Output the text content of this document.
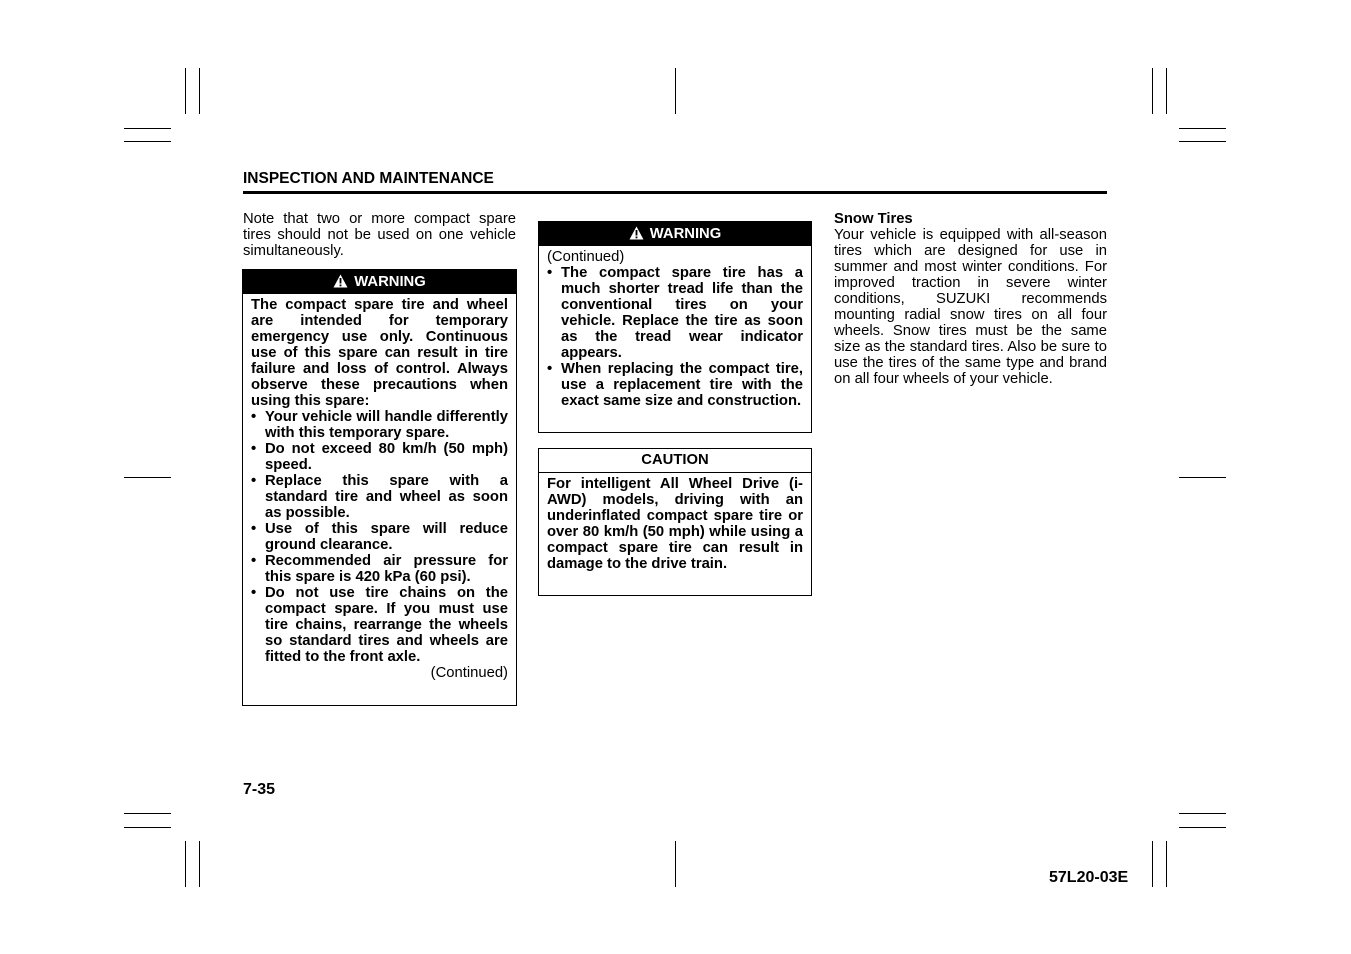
INSPECTION AND MAINTENANCE
Note that two or more compact spare tires should not be used on one vehicle simultaneously.
WARNING
The compact spare tire and wheel are intended for temporary emergency use only. Continuous use of this spare can result in tire failure and loss of control. Always observe these precautions when using this spare:
• Your vehicle will handle differently with this temporary spare.
• Do not exceed 80 km/h (50 mph) speed.
• Replace this spare with a standard tire and wheel as soon as possible.
• Use of this spare will reduce ground clearance.
• Recommended air pressure for this spare is 420 kPa (60 psi).
• Do not use tire chains on the compact spare. If you must use tire chains, rearrange the wheels so standard tires and wheels are fitted to the front axle.
(Continued)
WARNING
(Continued)
• The compact spare tire has a much shorter tread life than the conventional tires on your vehicle. Replace the tire as soon as the tread wear indicator appears.
• When replacing the compact tire, use a replacement tire with the exact same size and construction.
CAUTION
For intelligent All Wheel Drive (i-AWD) models, driving with an underinflated compact spare tire or over 80 km/h (50 mph) while using a compact spare tire can result in damage to the drive train.
Snow Tires
Your vehicle is equipped with all-season tires which are designed for use in summer and most winter conditions. For improved traction in severe winter conditions, SUZUKI recommends mounting radial snow tires on all four wheels. Snow tires must be the same size as the standard tires. Also be sure to use the tires of the same type and brand on all four wheels of your vehicle.
7-35
57L20-03E
